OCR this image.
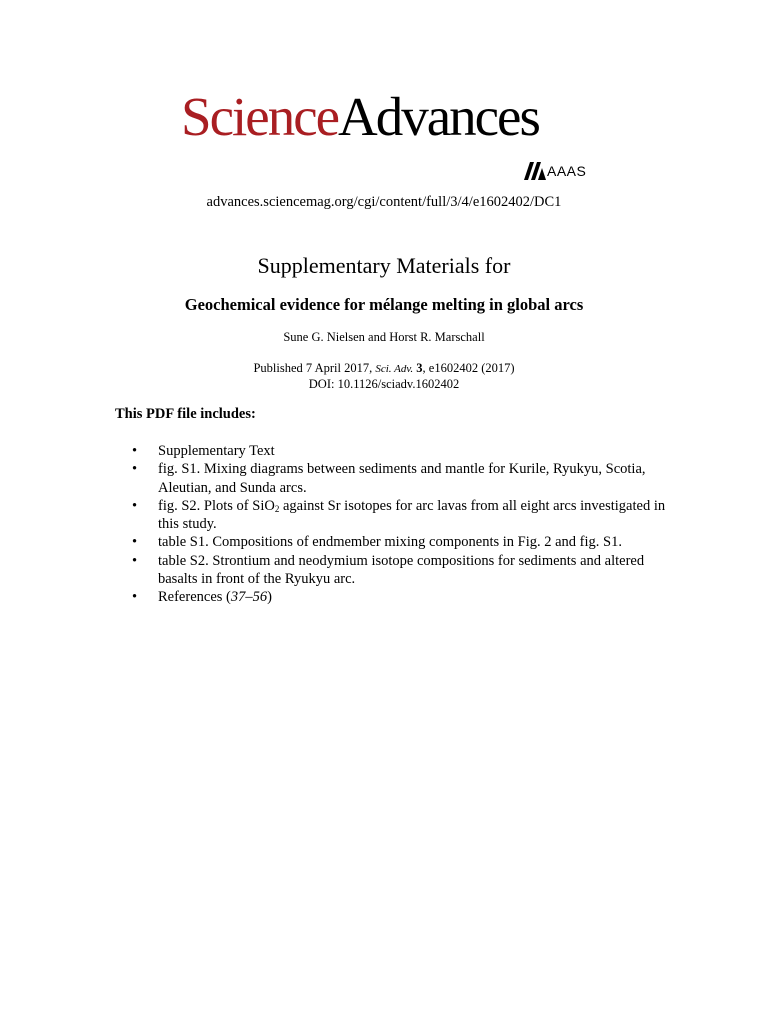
ScienceAdvances
AAAS
advances.sciencemag.org/cgi/content/full/3/4/e1602402/DC1
Supplementary Materials for
Geochemical evidence for mélange melting in global arcs
Sune G. Nielsen and Horst R. Marschall
Published 7 April 2017, Sci. Adv. 3, e1602402 (2017)
DOI: 10.1126/sciadv.1602402
This PDF file includes:
• Supplementary Text
• fig. S1. Mixing diagrams between sediments and mantle for Kurile, Ryukyu, Scotia, Aleutian, and Sunda arcs.
• fig. S2. Plots of SiO$_2$ against Sr isotopes for arc lavas from all eight arcs investigated in this study.
• table S1. Compositions of endmember mixing components in Fig. 2 and fig. S1.
• table S2. Strontium and neodymium isotope compositions for sediments and altered basalts in front of the Ryukyu arc.
• References (37–56)
